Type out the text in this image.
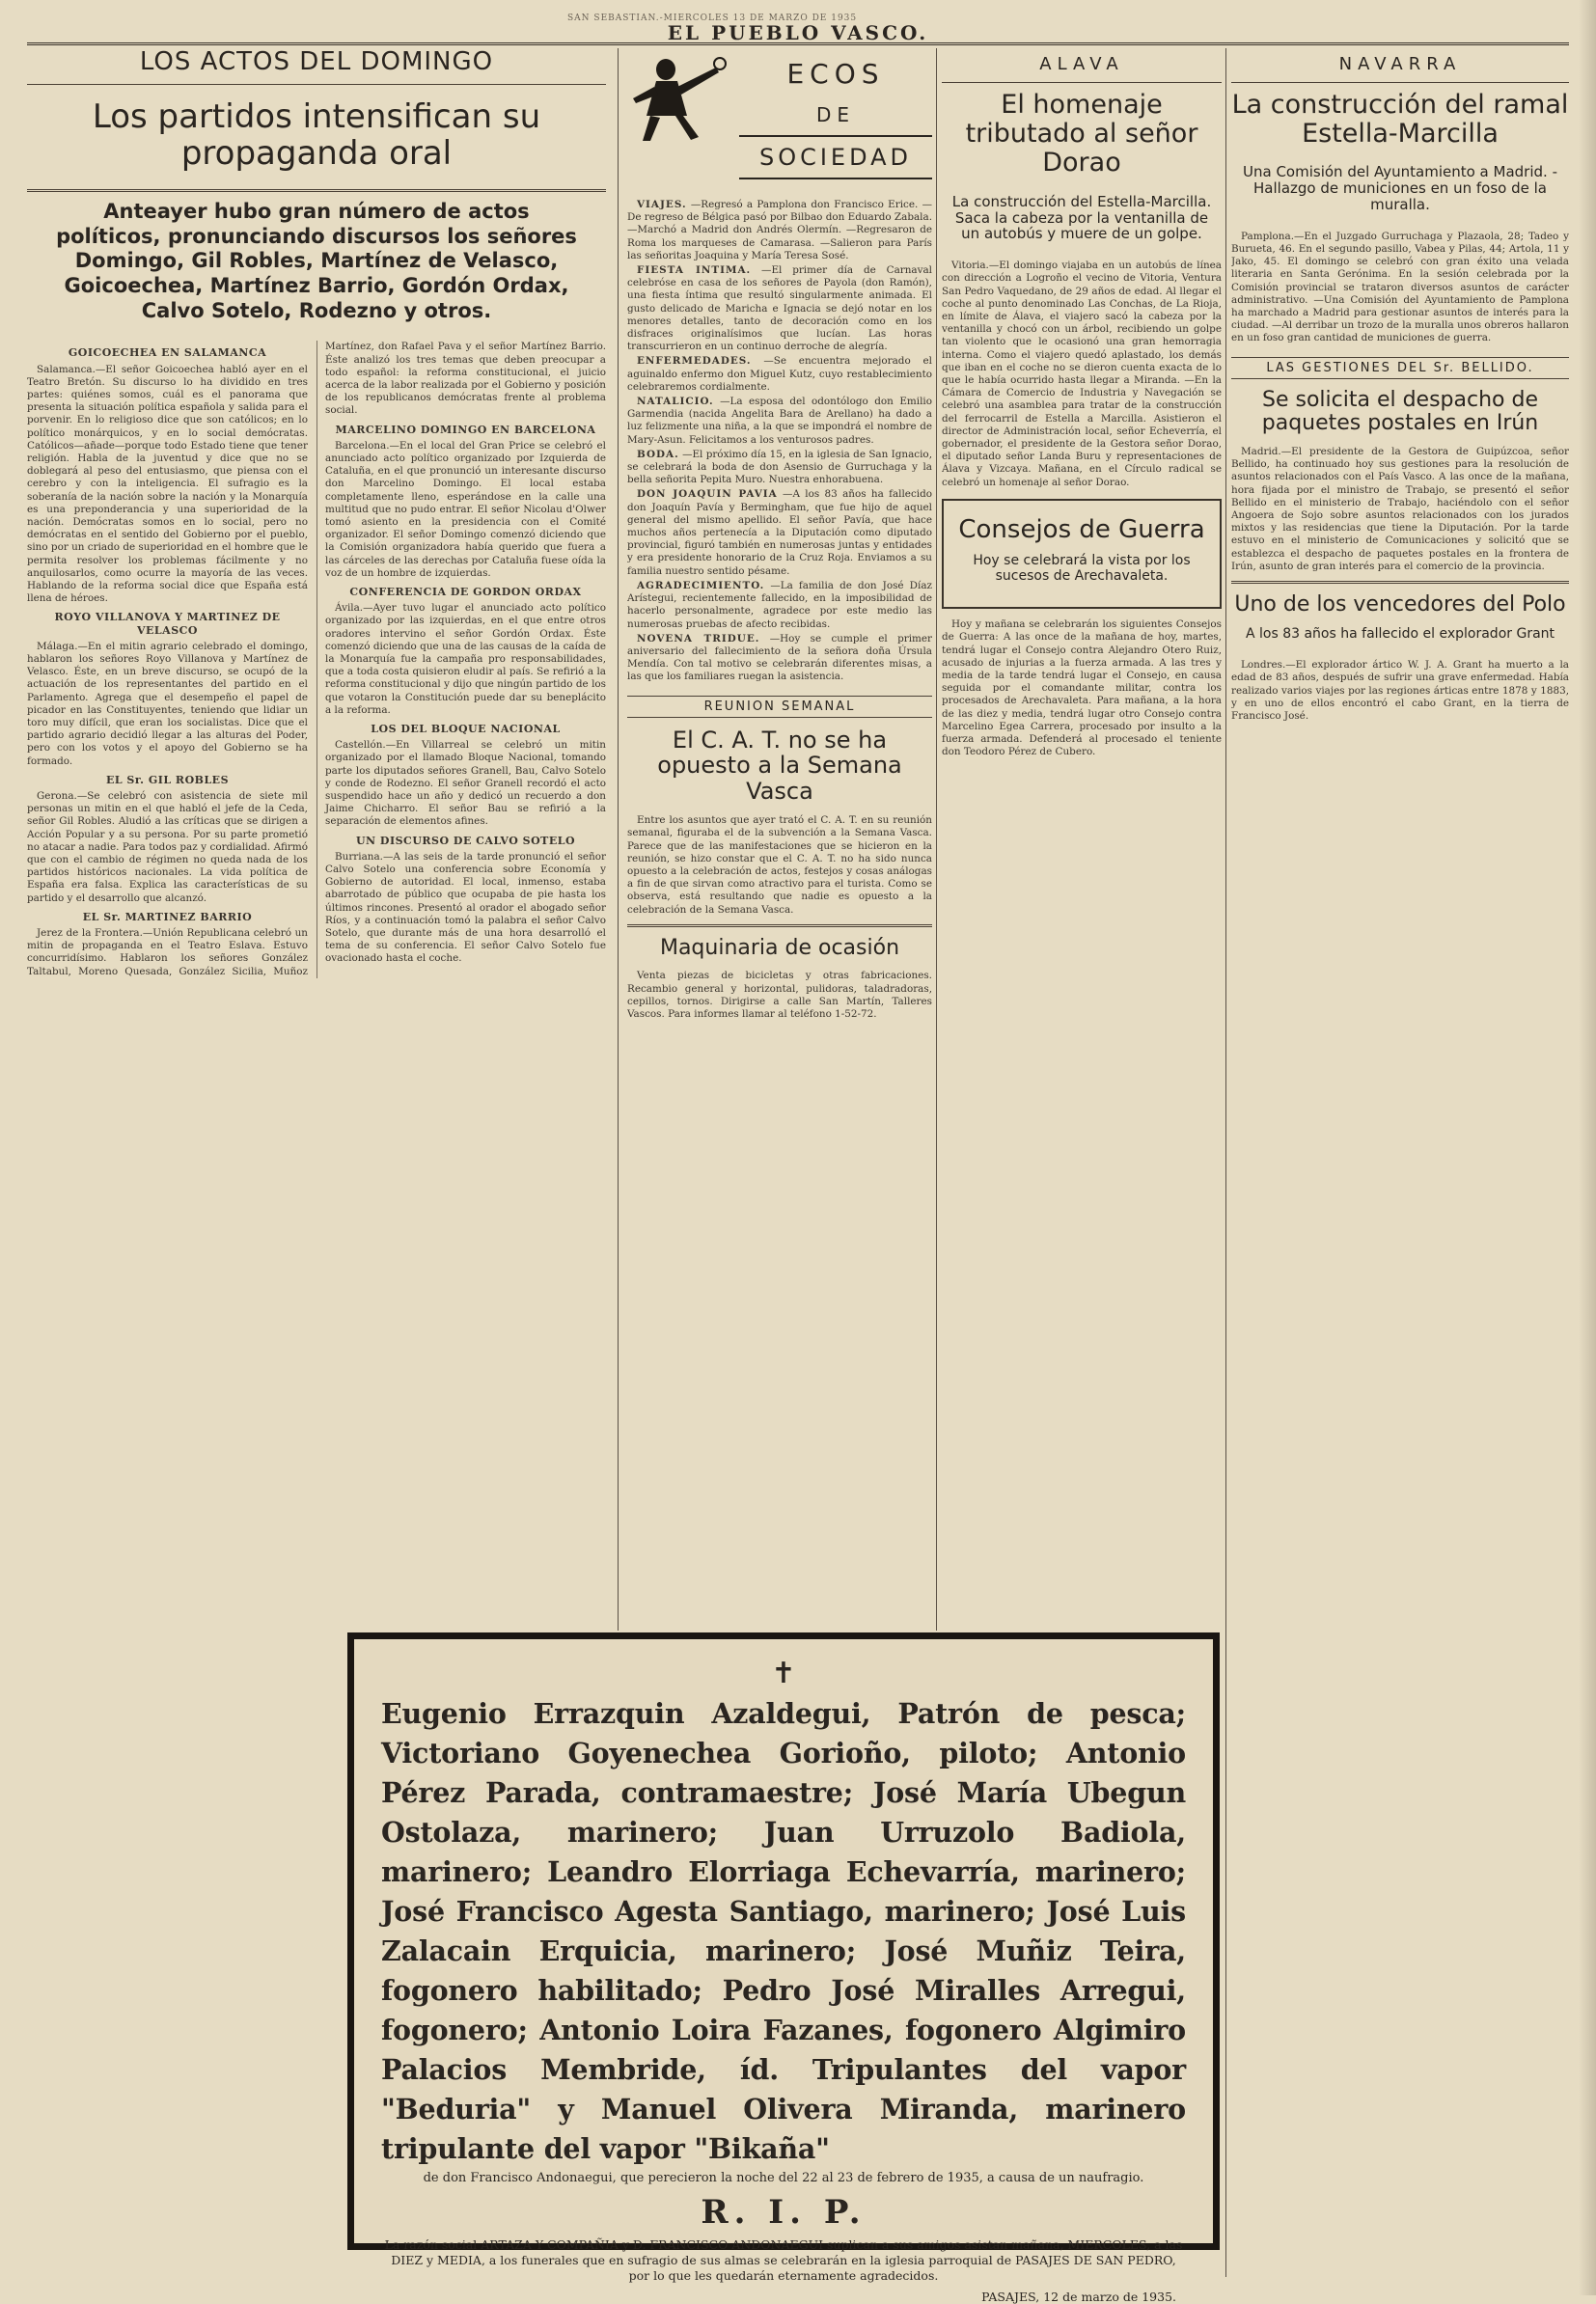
SAN SEBASTIAN.-MIERCOLES 13 DE MARZO DE 1935
EL PUEBLO VASCO.
LOS ACTOS DEL DOMINGO
Los partidos intensifican su propaganda oral
Anteayer hubo gran número de actos políticos, pronunciando discursos los señores Domingo, Gil Robles, Martínez de Velasco, Goicoechea, Martínez Barrio, Gordón Ordax, Calvo Sotelo, Rodezno y otros.
GOICOECHEA EN SALAMANCA

Salamanca.—El señor Goicoechea habló ayer en el Teatro Bretón. Su discurso lo ha dividido en tres partes: quiénes somos, cuál es el panorama que presenta la situación política española y salida para el porvenir. En lo religioso dice que son católicos; en lo político monárquicos, y en lo social demócratas. Católicos—añade—porque todo Estado tiene que tener religión. Habla de la juventud y dice que no se doblegará al peso del entusiasmo, que piensa con el cerebro y con la inteligencia. El sufragio es la soberanía de la nación sobre la nación y la Monarquía es una preponderancia y una superioridad de la nación. Demócratas somos en lo social, pero no demócratas en el sentido del Gobierno por el pueblo, sino por un criado de superioridad en el hombre que le permita resolver los problemas fácilmente y no anquilosarlos, como ocurre la mayoría de las veces. Hablando de la reforma social dice que España está llena de héroes.

ROYO VILLANOVA Y MARTINEZ DE VELASCO

Málaga.—En el mitin agrario celebrado el domingo, hablaron los señores Royo Villanova y Martínez de Velasco. Éste, en un breve discurso, se ocupó de la actuación de los representantes del partido en el Parlamento. Agrega que el desempeño el papel de picador en las Constituyentes, teniendo que lidiar un toro muy difícil, que eran los socialistas. Dice que el partido agrario decidió llegar a las alturas del Poder, pero con los votos y el apoyo del Gobierno se ha formado.

EL Sr. GIL ROBLES

Gerona.—Se celebró con asistencia de siete mil personas un mitin en el que habló el jefe de la Ceda, señor Gil Robles. Aludió a las críticas que se dirigen a Acción Popular y a su persona. Por su parte prometió no atacar a nadie. Para todos paz y cordialidad. Afirmó que con el cambio de régimen no queda nada de los partidos históricos nacionales. La vida política de España era falsa. Explica las características de su partido y el desarrollo que alcanzó.

EL Sr. MARTINEZ BARRIO

Jerez de la Frontera.—Unión Republicana celebró un mitin de propaganda en el Teatro Eslava. Estuvo concurridísimo. Hablaron los señores González Taltabul, Moreno Quesada, González Sicilia, Muñoz Martínez, don Rafael Pava y el señor Martínez Barrio. Éste analizó los tres temas que deben preocupar a todo español: la reforma constitucional, el juicio acerca de la labor realizada por el Gobierno y posición de los republicanos demócratas frente al problema social.

MARCELINO DOMINGO EN BARCELONA

Barcelona.—En el local del Gran Price se celebró el anunciado acto político organizado por Izquierda de Cataluña, en el que pronunció un interesante discurso don Marcelino Domingo. El local estaba completamente lleno, esperándose en la calle una multitud que no pudo entrar. El señor Nicolau d'Olwer tomó asiento en la presidencia con el Comité organizador. El señor Domingo comenzó diciendo que la Comisión organizadora había querido que fuera a las cárceles de las derechas por Cataluña fuese oída la voz de un hombre de izquierdas.

CONFERENCIA DE GORDON ORDAX

Ávila.—Ayer tuvo lugar el anunciado acto político organizado por las izquierdas, en el que entre otros oradores intervino el señor Gordón Ordax. Éste comenzó diciendo que una de las causas de la caída de la Monarquía fue la campaña pro responsabilidades, que a toda costa quisieron eludir al país. Se refirió a la reforma constitucional y dijo que ningún partido de los que votaron la Constitución puede dar su beneplácito a la reforma.

LOS DEL BLOQUE NACIONAL

Castellón.—En Villarreal se celebró un mitin organizado por el llamado Bloque Nacional, tomando parte los diputados señores Granell, Bau, Calvo Sotelo y conde de Rodezno. El señor Granell recordó el acto suspendido hace un año y dedicó un recuerdo a don Jaime Chicharro. El señor Bau se refirió a la separación de elementos afines.

UN DISCURSO DE CALVO SOTELO

Burriana.—A las seis de la tarde pronunció el señor Calvo Sotelo una conferencia sobre Economía y Gobierno de autoridad. El local, inmenso, estaba abarrotado de público que ocupaba de pie hasta los últimos rincones. Presentó al orador el abogado señor Ríos, y a continuación tomó la palabra el señor Calvo Sotelo, que durante más de una hora desarrolló el tema de su conferencia. El señor Calvo Sotelo fue ovacionado hasta el coche.

ECOS
DE
SOCIEDAD

VIAJES. —Regresó a Pamplona don Francisco Erice. —De regreso de Bélgica pasó por Bilbao don Eduardo Zabala. —Marchó a Madrid don Andrés Olermín. —Regresaron de Roma los marqueses de Camarasa. —Salieron para París las señoritas Joaquina y María Teresa Sosé.

FIESTA INTIMA. —El primer día de Carnaval celebróse en casa de los señores de Payola (don Ramón), una fiesta íntima que resultó singularmente animada. El gusto delicado de Maricha e Ignacia se dejó notar en los menores detalles, tanto de decoración como en los disfraces originalísimos que lucían. Las horas transcurrieron en un continuo derroche de alegría.

ENFERMEDADES. —Se encuentra mejorado el aguinaldo enfermo don Miguel Kutz, cuyo restablecimiento celebraremos cordialmente.

NATALICIO. —La esposa del odontólogo don Emilio Garmendia (nacida Angelita Bara de Arellano) ha dado a luz felizmente una niña, a la que se impondrá el nombre de Mary-Asun. Felicitamos a los venturosos padres.

BODA. —El próximo día 15, en la iglesia de San Ignacio, se celebrará la boda de don Asensio de Gurruchaga y la bella señorita Pepita Muro. Nuestra enhorabuena.

DON JOAQUIN PAVIA —A los 83 años ha fallecido don Joaquín Pavía y Bermingham, que fue hijo de aquel general del mismo apellido. El señor Pavía, que hace muchos años pertenecía a la Diputación como diputado provincial, figuró también en numerosas juntas y entidades y era presidente honorario de la Cruz Roja. Enviamos a su familia nuestro sentido pésame.

AGRADECIMIENTO. —La familia de don José Díaz Arístegui, recientemente fallecido, en la imposibilidad de hacerlo personalmente, agradece por este medio las numerosas pruebas de afecto recibidas.

NOVENA TRIDUE. —Hoy se cumple el primer aniversario del fallecimiento de la señora doña Úrsula Mendía. Con tal motivo se celebrarán diferentes misas, a las que los familiares ruegan la asistencia.

REUNION SEMANAL
El C. A. T. no se ha opuesto a la Semana Vasca

Entre los asuntos que ayer trató el C. A. T. en su reunión semanal, figuraba el de la subvención a la Semana Vasca. Parece que de las manifestaciones que se hicieron en la reunión, se hizo constar que el C. A. T. no ha sido nunca opuesto a la celebración de actos, festejos y cosas análogas a fin de que sirvan como atractivo para el turista. Como se observa, está resultando que nadie es opuesto a la celebración de la Semana Vasca.

Maquinaria de ocasión

Venta piezas de bicicletas y otras fabricaciones. Recambio general y horizontal, pulidoras, taladradoras, cepillos, tornos. Dirigirse a calle San Martín, Talleres Vascos. Para informes llamar al teléfono 1-52-72.

ALAVA
El homenaje tributado al señor Dorao
La construcción del Estella-Marcilla. Saca la cabeza por la ventanilla de un autobús y muere de un golpe.

Vitoria.—El domingo viajaba en un autobús de línea con dirección a Logroño el vecino de Vitoria, Ventura San Pedro Vaquedano, de 29 años de edad. Al llegar el coche al punto denominado Las Conchas, de La Rioja, en límite de Álava, el viajero sacó la cabeza por la ventanilla y chocó con un árbol, recibiendo un golpe tan violento que le ocasionó una gran hemorragia interna. Como el viajero quedó aplastado, los demás que iban en el coche no se dieron cuenta exacta de lo que le había ocurrido hasta llegar a Miranda. —En la Cámara de Comercio de Industria y Navegación se celebró una asamblea para tratar de la construcción del ferrocarril de Estella a Marcilla. Asistieron el director de Administración local, señor Echeverría, el gobernador, el presidente de la Gestora señor Dorao, el diputado señor Landa Buru y representaciones de Álava y Vizcaya. Mañana, en el Círculo radical se celebró un homenaje al señor Dorao.

Consejos de Guerra
Hoy se celebrará la vista por los sucesos de Arechavaleta.

Hoy y mañana se celebrarán los siguientes Consejos de Guerra: A las once de la mañana de hoy, martes, tendrá lugar el Consejo contra Alejandro Otero Ruiz, acusado de injurias a la fuerza armada. A las tres y media de la tarde tendrá lugar el Consejo, en causa seguida por el comandante militar, contra los procesados de Arechavaleta. Para mañana, a la hora de las diez y media, tendrá lugar otro Consejo contra Marcelino Egea Carrera, procesado por insulto a la fuerza armada. Defenderá al procesado el teniente don Teodoro Pérez de Cubero.

NAVARRA
La construcción del ramal Estella-Marcilla
Una Comisión del Ayuntamiento a Madrid. - Hallazgo de municiones en un foso de la muralla.

Pamplona.—En el Juzgado Gurruchaga y Plazaola, 28; Tadeo y Burueta, 46. En el segundo pasillo, Vabea y Pilas, 44; Artola, 11 y Jako, 45. El domingo se celebró con gran éxito una velada literaria en Santa Gerónima. En la sesión celebrada por la Comisión provincial se trataron diversos asuntos de carácter administrativo. —Una Comisión del Ayuntamiento de Pamplona ha marchado a Madrid para gestionar asuntos de interés para la ciudad. —Al derribar un trozo de la muralla unos obreros hallaron en un foso gran cantidad de municiones de guerra.

LAS GESTIONES DEL Sr. BELLIDO.
Se solicita el despacho de paquetes postales en Irún

Madrid.—El presidente de la Gestora de Guipúzcoa, señor Bellido, ha continuado hoy sus gestiones para la resolución de asuntos relacionados con el País Vasco. A las once de la mañana, hora fijada por el ministro de Trabajo, se presentó el señor Bellido en el ministerio de Trabajo, haciéndolo con el señor Angoera de Sojo sobre asuntos relacionados con los jurados mixtos y las residencias que tiene la Diputación. Por la tarde estuvo en el ministerio de Comunicaciones y solicitó que se establezca el despacho de paquetes postales en la frontera de Irún, asunto de gran interés para el comercio de la provincia.

Uno de los vencedores del Polo
A los 83 años ha fallecido el explorador Grant

Londres.—El explorador ártico W. J. A. Grant ha muerto a la edad de 83 años, después de sufrir una grave enfermedad. Había realizado varios viajes por las regiones árticas entre 1878 y 1883, y en uno de ellos encontró el cabo Grant, en la tierra de Francisco José.

✝

Eugenio Errazquin Azaldegui, Patrón de pesca; Victoriano Goyenechea Gorioño, piloto; Antonio Pérez Parada, contramaestre; José María Ubegun Ostolaza, marinero; Juan Urruzolo Badiola, marinero; Leandro Elorriaga Echevarría, marinero; José Francisco Agesta Santiago, marinero; José Luis Zalacain Erquicia, marinero; José Muñiz Teira, fogonero habilitado; Pedro José Miralles Arregui, fogonero; Antonio Loira Fazanes, fogonero Algimiro Palacios Membride, íd. Tripulantes del vapor "Beduria" y Manuel Olivera Miranda, marinero tripulante del vapor "Bikaña"

de don Francisco Andonaegui, que perecieron la noche del 22 al 23 de febrero de 1935, a causa de un naufragio.

R. I. P.

La razón social ARTAZA Y COMPAÑIA y D. FRANCISCO ANDONAEGUI suplican a sus amigos asistan mañana, MIERCOLES, a las DIEZ y MEDIA, a los funerales que en sufragio de sus almas se celebrarán en la iglesia parroquial de PASAJES DE SAN PEDRO, por lo que les quedarán eternamente agradecidos.

PASAJES, 12 de marzo de 1935.
